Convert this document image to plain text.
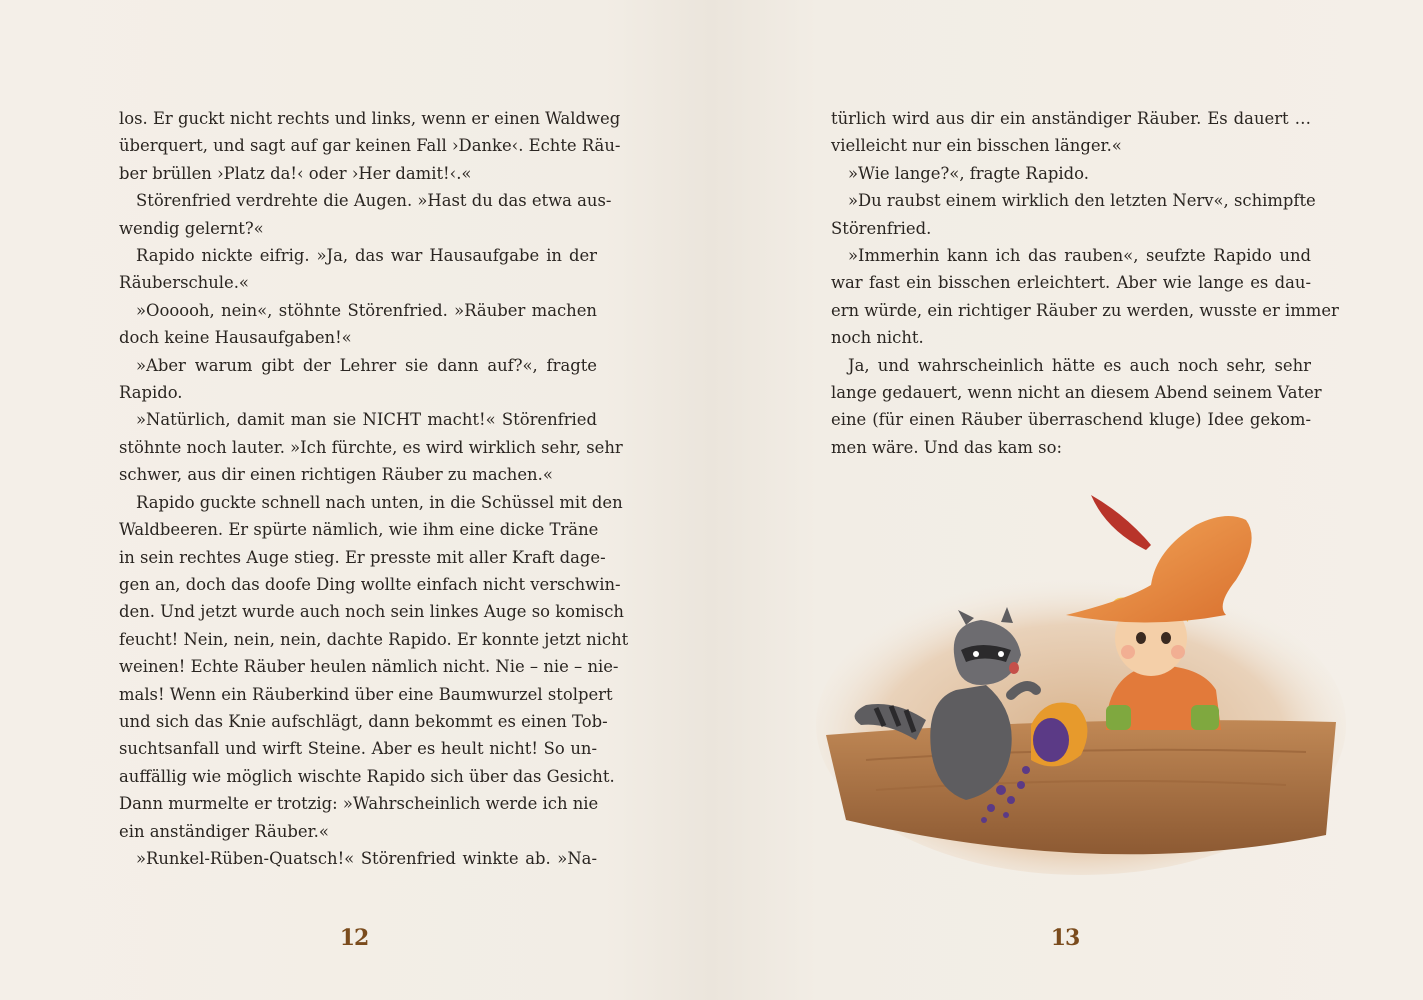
los. Er guckt nicht rechts und links, wenn er einen Waldweg
überquert, und sagt auf gar keinen Fall ›Danke‹. Echte Räu-
ber brüllen ›Platz da!‹ oder ›Her damit!‹.«
Störenfried verdrehte die Augen. »Hast du das etwa aus-
wendig gelernt?«
Rapido nickte eifrig. »Ja, das war Hausaufgabe in der
Räuberschule.«
»Oooooh, nein«, stöhnte Störenfried. »Räuber machen
doch keine Hausaufgaben!«
»Aber warum gibt der Lehrer sie dann auf?«, fragte
Rapido.
»Natürlich, damit man sie NICHT macht!« Störenfried
stöhnte noch lauter. »Ich fürchte, es wird wirklich sehr, sehr
schwer, aus dir einen richtigen Räuber zu machen.«
Rapido guckte schnell nach unten, in die Schüssel mit den
Waldbeeren. Er spürte nämlich, wie ihm eine dicke Träne
in sein rechtes Auge stieg. Er presste mit aller Kraft dage-
gen an, doch das doofe Ding wollte einfach nicht verschwin-
den. Und jetzt wurde auch noch sein linkes Auge so komisch
feucht! Nein, nein, nein, dachte Rapido. Er konnte jetzt nicht
weinen! Echte Räuber heulen nämlich nicht. Nie – nie – nie-
mals! Wenn ein Räuberkind über eine Baumwurzel stolpert
und sich das Knie aufschlägt, dann bekommt es einen Tob-
suchtsanfall und wirft Steine. Aber es heult nicht! So un-
auffällig wie möglich wischte Rapido sich über das Gesicht.
Dann murmelte er trotzig: »Wahrscheinlich werde ich nie
ein anständiger Räuber.«
»Runkel-Rüben-Quatsch!« Störenfried winkte ab. »Na-
12
türlich wird aus dir ein anständiger Räuber. Es dauert …
vielleicht nur ein bisschen länger.«
»Wie lange?«, fragte Rapido.
»Du raubst einem wirklich den letzten Nerv«, schimpfte
Störenfried.
»Immerhin kann ich das rauben«, seufzte Rapido und
war fast ein bisschen erleichtert. Aber wie lange es dau-
ern würde, ein richtiger Räuber zu werden, wusste er immer
noch nicht.
Ja, und wahrscheinlich hätte es auch noch sehr, sehr
lange gedauert, wenn nicht an diesem Abend seinem Vater
eine (für einen Räuber überraschend kluge) Idee gekom-
men wäre. Und das kam so:
13
